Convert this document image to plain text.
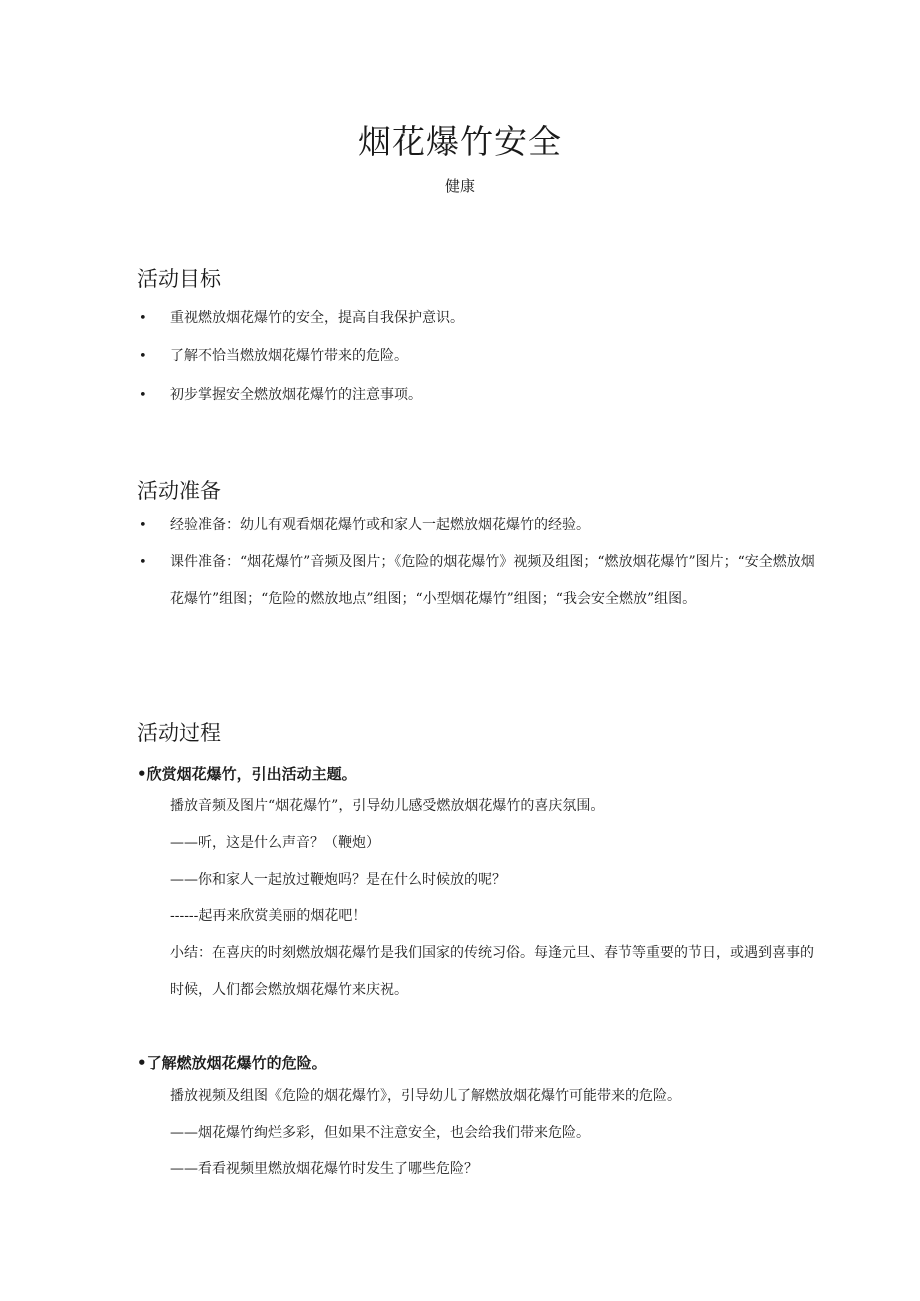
烟花爆竹安全
健康
活动目标
• 重视燃放烟花爆竹的安全，提高自我保护意识。
• 了解不恰当燃放烟花爆竹带来的危险。
• 初步掌握安全燃放烟花爆竹的注意事项。
活动准备
• 经验准备：幼儿有观看烟花爆竹或和家人一起燃放烟花爆竹的经验。
• 课件准备：“烟花爆竹”音频及图片；《危险的烟花爆竹》视频及组图；“燃放烟花爆竹”图片；“安全燃放烟花爆竹”组图；“危险的燃放地点”组图；“小型烟花爆竹”组图；“我会安全燃放”组图。
活动过程
•欣赏烟花爆竹，引出活动主题。
播放音频及图片“烟花爆竹”，引导幼儿感受燃放烟花爆竹的喜庆氛围。
——听，这是什么声音？（鞭炮）
——你和家人一起放过鞭炮吗？是在什么时候放的呢？
------起再来欣赏美丽的烟花吧！
小结：在喜庆的时刻燃放烟花爆竹是我们国家的传统习俗。每逢元旦、春节等重要的节日，或遇到喜事的时候，人们都会燃放烟花爆竹来庆祝。
•了解燃放烟花爆竹的危险。
播放视频及组图《危险的烟花爆竹》，引导幼儿了解燃放烟花爆竹可能带来的危险。
——烟花爆竹绚烂多彩，但如果不注意安全，也会给我们带来危险。
——看看视频里燃放烟花爆竹时发生了哪些危险？
